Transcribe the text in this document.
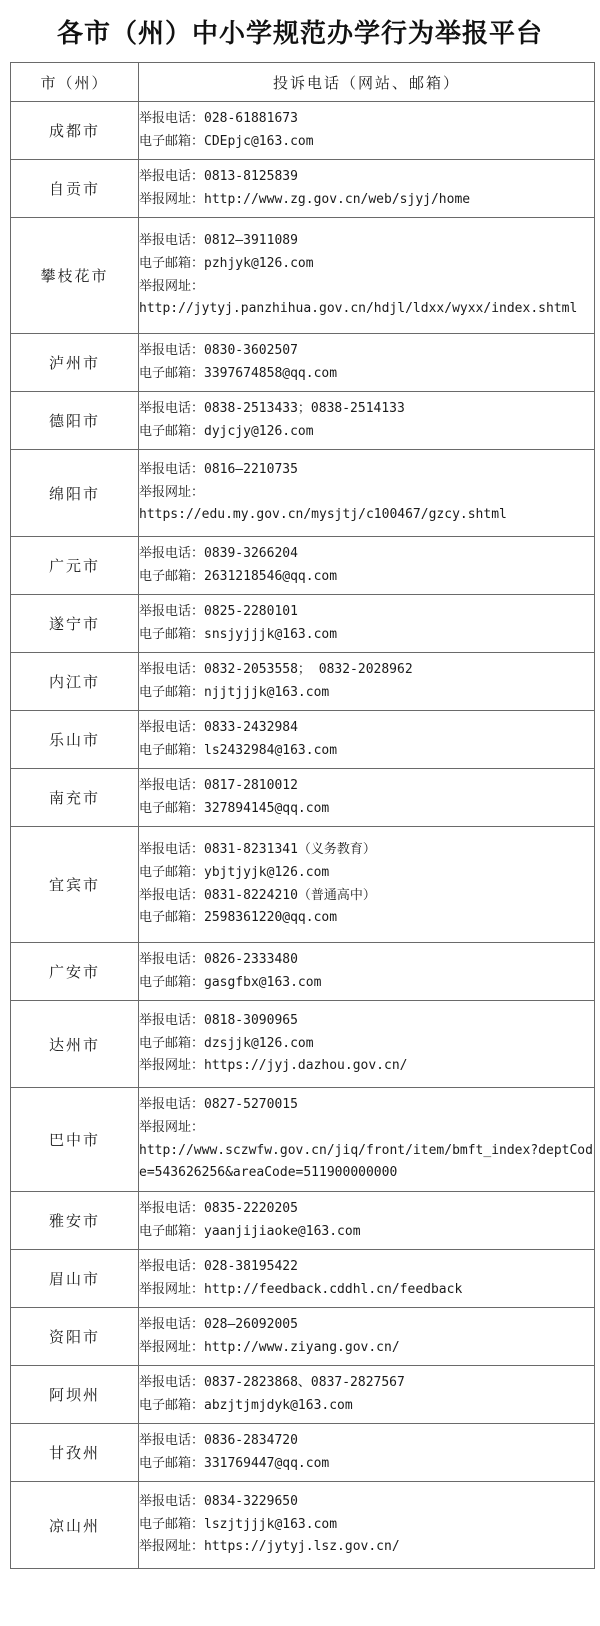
各市（州）中小学规范办学行为举报平台
市（州）	投诉电话（网站、邮箱）
成都市	举报电话：028-61881673
电子邮箱：CDEpjc@163.com

自贡市	举报电话：0813-8125839
举报网址：http://www.zg.gov.cn/web/sjyj/home

攀枝花市	举报电话：0812—3911089
电子邮箱：pzhjyk@126.com
举报网址：
http://jytyj.panzhihua.gov.cn/hdjl/ldxx/wyxx/index.shtml

泸州市	举报电话：0830-3602507
电子邮箱：3397674858@qq.com

德阳市	举报电话：0838-2513433；0838-2514133
电子邮箱：dyjcjy@126.com

绵阳市	举报电话：0816—2210735
举报网址：
https://edu.my.gov.cn/mysjtj/c100467/gzcy.shtml

广元市	举报电话：0839-3266204
电子邮箱：2631218546@qq.com

遂宁市	举报电话：0825-2280101
电子邮箱：snsjyjjjk@163.com

内江市	举报电话：0832-2053558； 0832-2028962
电子邮箱：njjtjjjk@163.com

乐山市	举报电话：0833-2432984
电子邮箱：ls2432984@163.com

南充市	举报电话：0817-2810012
电子邮箱：327894145@qq.com

宜宾市	举报电话：0831-8231341（义务教育）
电子邮箱：ybjtjyjk@126.com
举报电话：0831-8224210（普通高中）
电子邮箱：2598361220@qq.com

广安市	举报电话：0826-2333480
电子邮箱：gasgfbx@163.com

达州市	举报电话：0818-3090965
电子邮箱：dzsjjk@126.com
举报网址：https://jyj.dazhou.gov.cn/

巴中市	举报电话：0827-5270015
举报网址：
http://www.sczwfw.gov.cn/jiq/front/item/bmft_index?deptCode=543626256&areaCode=511900000000

雅安市	举报电话：0835-2220205
电子邮箱：yaanjijiaoke@163.com

眉山市	举报电话：028-38195422
举报网址：http://feedback.cddhl.cn/feedback

资阳市	举报电话：028—26092005
举报网址：http://www.ziyang.gov.cn/

阿坝州	举报电话：0837-2823868、0837-2827567
电子邮箱：abzjtjmjdyk@163.com

甘孜州	举报电话：0836-2834720
电子邮箱：331769447@qq.com

凉山州	举报电话：0834-3229650
电子邮箱：lszjtjjjk@163.com
举报网址：https://jytyj.lsz.gov.cn/
